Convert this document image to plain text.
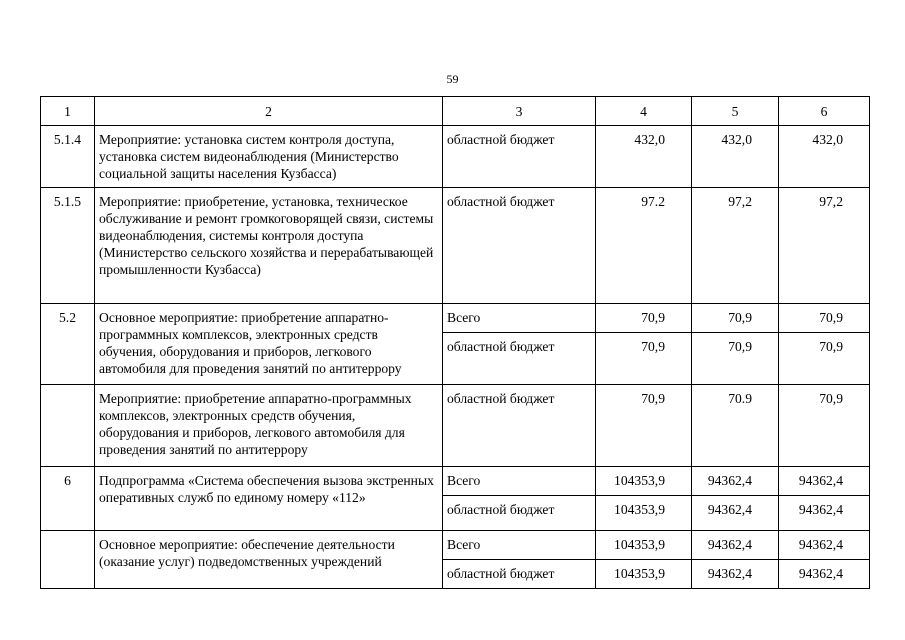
59
1	2	3	4	5	6
5.1.4	Мероприятие: установка систем контроля доступа, установка систем видеонаблюдения (Министерство социальной защиты населения Кузбасса)	областной бюджет	432,0	432,0	432,0
5.1.5	Мероприятие: приобретение, установка, техническое обслуживание и ремонт громкоговорящей связи, системы видеонаблюдения, системы контроля доступа (Министерство сельского хозяйства и перерабатывающей промышленности Кузбасса)	областной бюджет	97.2	97,2	97,2
5.2	Основное мероприятие: приобретение аппаратно-программных комплексов, электронных средств обучения, оборудования и приборов, легкового автомобиля для проведения занятий по антитеррору	Всего	70,9	70,9	70,9
		областной бюджет	70,9	70,9	70,9
	Мероприятие: приобретение аппаратно-программных комплексов, электронных средств обучения, оборудования и приборов, легкового автомобиля для проведения занятий по антитеррору	областной бюджет	70,9	70.9	70,9
6	Подпрограмма «Система обеспечения вызова экстренных оперативных служб по единому номеру «112»	Всего	104353,9	94362,4	94362,4
		областной бюджет	104353,9	94362,4	94362,4
	Основное мероприятие: обеспечение деятельности (оказание услуг) подведомственных учреждений	Всего	104353,9	94362,4	94362,4
		областной бюджет	104353,9	94362,4	94362,4
